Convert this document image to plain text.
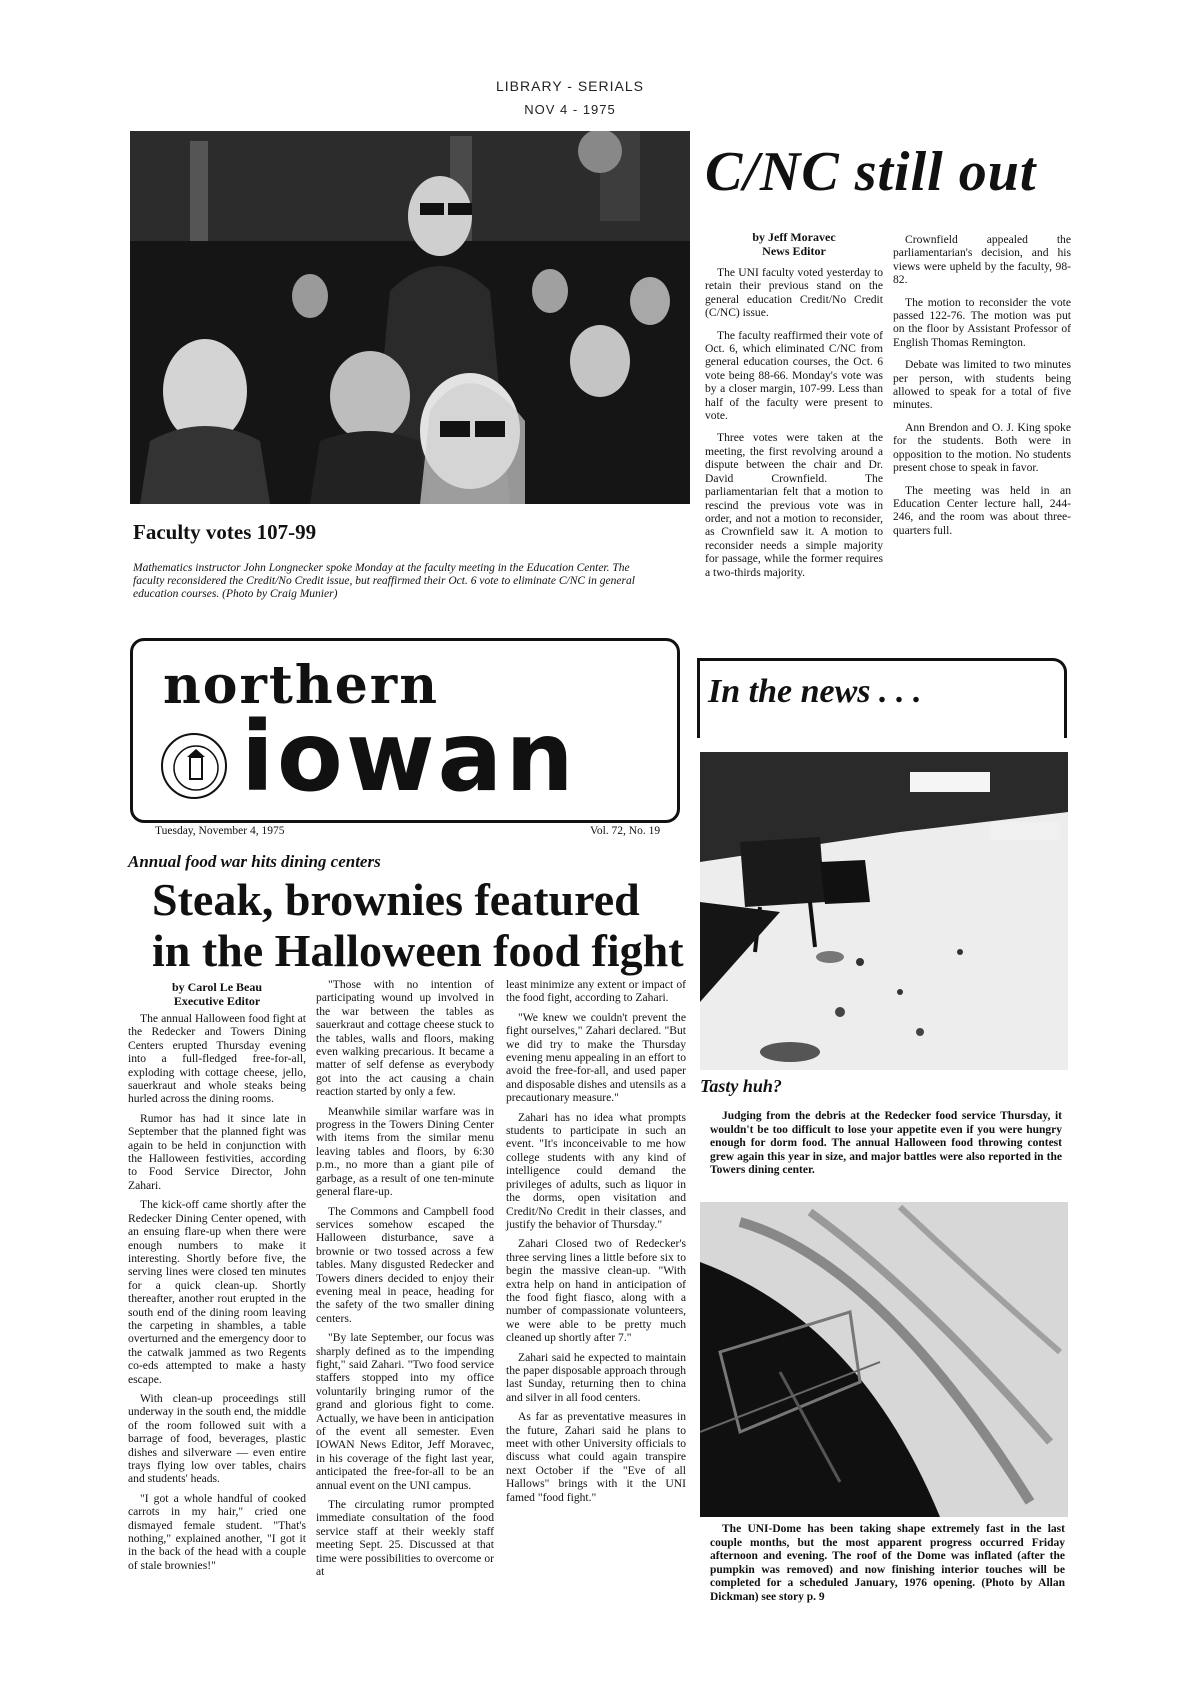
LIBRARY - SERIALS
NOV 4 - 1975
Faculty votes 107-99
Mathematics instructor John Longnecker spoke Monday at the faculty meeting in the Education Center. The faculty reconsidered the Credit/No Credit issue, but reaffirmed their Oct. 6 vote to eliminate C/NC in general education courses. (Photo by Craig Munier)
C/NC still out
by Jeff Moravec
News Editor

The UNI faculty voted yesterday to retain their previous stand on the general education Credit/No Credit (C/NC) issue.

The faculty reaffirmed their vote of Oct. 6, which eliminated C/NC from general education courses, the Oct. 6 vote being 88-66. Monday's vote was by a closer margin, 107-99. Less than half of the faculty were present to vote.

Three votes were taken at the meeting, the first revolving around a dispute between the chair and Dr. David Crownfield. The parliamentarian felt that a motion to rescind the previous vote was in order, and not a motion to reconsider, as Crownfield saw it. A motion to reconsider needs a simple majority for passage, while the former requires a two-thirds majority.

Crownfield appealed the parliamentarian's decision, and his views were upheld by the faculty, 98-82.

The motion to reconsider the vote passed 122-76. The motion was put on the floor by Assistant Professor of English Thomas Remington.

Debate was limited to two minutes per person, with students being allowed to speak for a total of five minutes.

Ann Brendon and O. J. King spoke for the students. Both were in opposition to the motion. No students present chose to speak in favor.

The meeting was held in an Education Center lecture hall, 244-246, and the room was about three-quarters full.

northern
iowan
Tuesday, November 4, 1975	Vol. 72, No. 19
In the news . . .
Tasty huh?
Judging from the debris at the Redecker food service Thursday, it wouldn't be too difficult to lose your appetite even if you were hungry enough for dorm food. The annual Halloween food throwing contest grew again this year in size, and major battles were also reported in the Towers dining center.
The UNI-Dome has been taking shape extremely fast in the last couple months, but the most apparent progress occurred Friday afternoon and evening. The roof of the Dome was inflated (after the pumpkin was removed) and now finishing interior touches will be completed for a scheduled January, 1976 opening. (Photo by Allan Dickman) see story p. 9
Annual food war hits dining centers
Steak, brownies featured
in the Halloween food fight
by Carol Le Beau
Executive Editor

The annual Halloween food fight at the Redecker and Towers Dining Centers erupted Thursday evening into a full-fledged free-for-all, exploding with cottage cheese, jello, sauerkraut and whole steaks being hurled across the dining rooms.

Rumor has had it since late in September that the planned fight was again to be held in conjunction with the Halloween festivities, according to Food Service Director, John Zahari.

The kick-off came shortly after the Redecker Dining Center opened, with an ensuing flare-up when there were enough numbers to make it interesting. Shortly before five, the serving lines were closed ten minutes for a quick clean-up. Shortly thereafter, another rout erupted in the south end of the dining room leaving the carpeting in shambles, a table overturned and the emergency door to the catwalk jammed as two Regents co-eds attempted to make a hasty escape.

With clean-up proceedings still underway in the south end, the middle of the room followed suit with a barrage of food, beverages, plastic dishes and silverware — even entire trays flying low over tables, chairs and students' heads.

"I got a whole handful of cooked carrots in my hair," cried one dismayed female student. "That's nothing," explained another, "I got it in the back of the head with a couple of stale brownies!"

"Those with no intention of participating wound up involved in the war between the tables as sauerkraut and cottage cheese stuck to the tables, walls and floors, making even walking precarious. It became a matter of self defense as everybody got into the act causing a chain reaction started by only a few.

Meanwhile similar warfare was in progress in the Towers Dining Center with items from the similar menu leaving tables and floors, by 6:30 p.m., no more than a giant pile of garbage, as a result of one ten-minute general flare-up.

The Commons and Campbell food services somehow escaped the Halloween disturbance, save a brownie or two tossed across a few tables. Many disgusted Redecker and Towers diners decided to enjoy their evening meal in peace, heading for the safety of the two smaller dining centers.

"By late September, our focus was sharply defined as to the impending fight," said Zahari. "Two food service staffers stopped into my office voluntarily bringing rumor of the grand and glorious fight to come. Actually, we have been in anticipation of the event all semester. Even IOWAN News Editor, Jeff Moravec, in his coverage of the fight last year, anticipated the free-for-all to be an annual event on the UNI campus.

The circulating rumor prompted immediate consultation of the food service staff at their weekly staff meeting Sept. 25. Discussed at that time were possibilities to overcome or at

least minimize any extent or impact of the food fight, according to Zahari.

"We knew we couldn't prevent the fight ourselves," Zahari declared. "But we did try to make the Thursday evening menu appealing in an effort to avoid the free-for-all, and used paper and disposable dishes and utensils as a precautionary measure."

Zahari has no idea what prompts students to participate in such an event. "It's inconceivable to me how college students with any kind of intelligence could demand the privileges of adults, such as liquor in the dorms, open visitation and Credit/No Credit in their classes, and justify the behavior of Thursday."

Zahari Closed two of Redecker's three serving lines a little before six to begin the massive clean-up. "With extra help on hand in anticipation of the food fight fiasco, along with a number of compassionate volunteers, we were able to be pretty much cleaned up shortly after 7."

Zahari said he expected to maintain the paper disposable approach through last Sunday, returning then to china and silver in all food centers.

As far as preventative measures in the future, Zahari said he plans to meet with other University officials to discuss what could again transpire next October if the "Eve of all Hallows" brings with it the UNI famed "food fight."
